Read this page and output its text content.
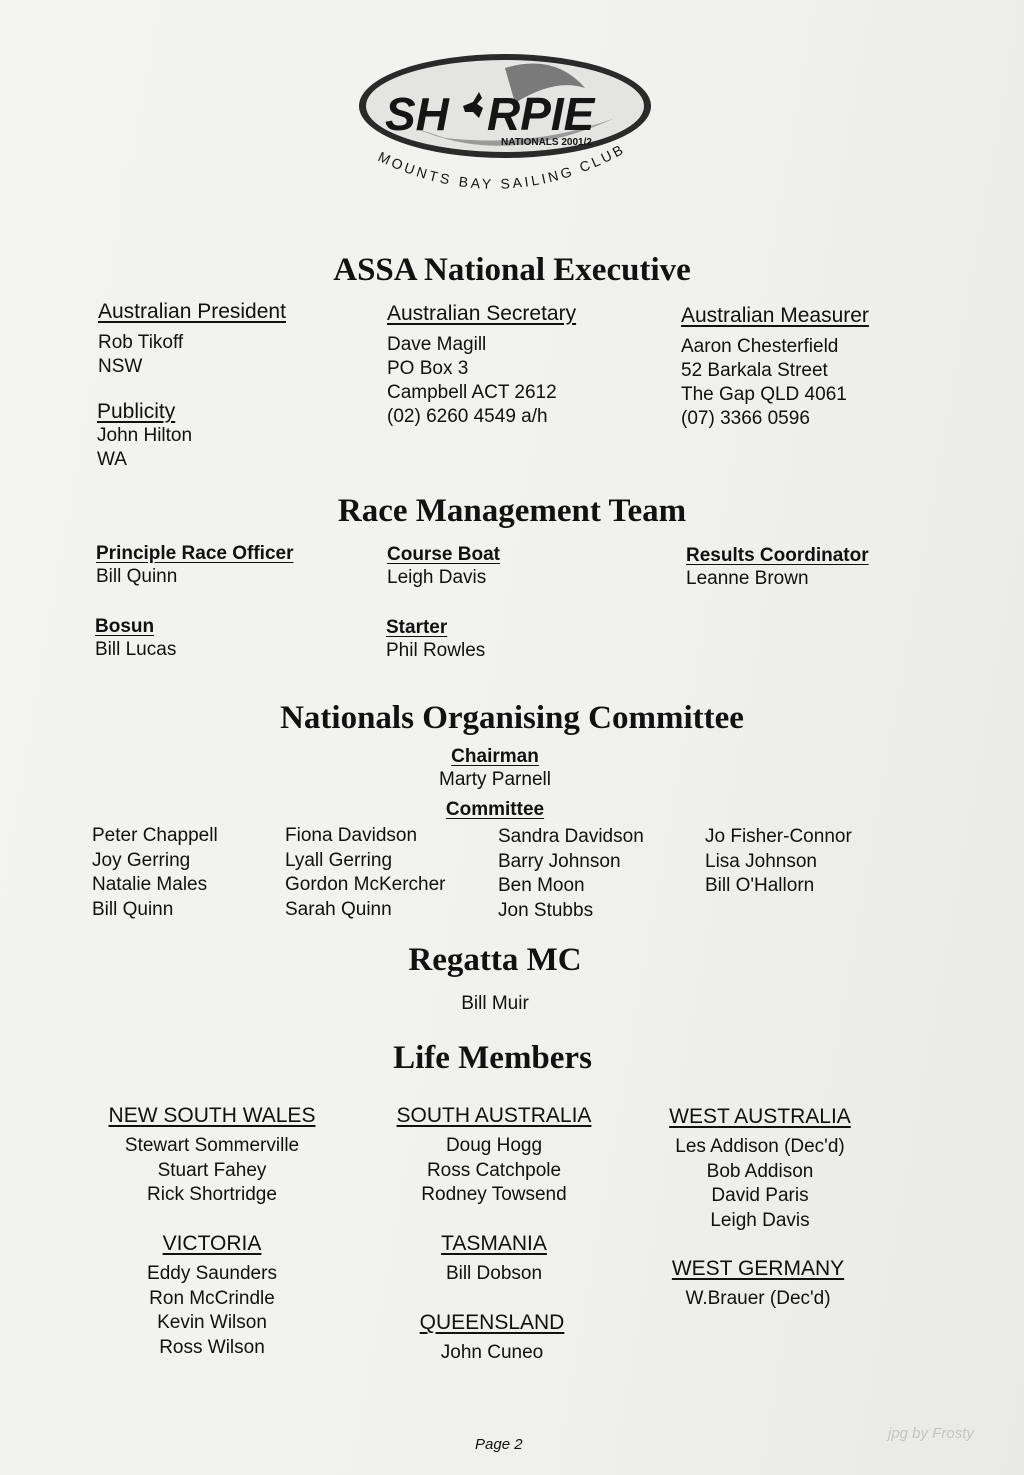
SH RPIE
NATIONALS 2001/2
MOUNTS BAY SAILING CLUB
ASSA National Executive
Australian President
Rob Tikoff
NSW
Publicity
John Hilton
WA
Australian Secretary
Dave Magill
PO Box 3
Campbell ACT 2612
(02) 6260 4549 a/h
Australian Measurer
Aaron Chesterfield
52 Barkala Street
The Gap QLD 4061
(07) 3366 0596
Race Management Team
Principle Race Officer
Bill Quinn
Course Boat
Leigh Davis
Results Coordinator
Leanne Brown
Bosun
Bill Lucas
Starter
Phil Rowles
Nationals Organising Committee
Chairman
Marty Parnell
Committee
Peter Chappell
Joy Gerring
Natalie Males
Bill Quinn
Fiona Davidson
Lyall Gerring
Gordon McKercher
Sarah Quinn
Sandra Davidson
Barry Johnson
Ben Moon
Jon Stubbs
Jo Fisher-Connor
Lisa Johnson
Bill O'Hallorn
Regatta MC
Bill Muir
Life Members
NEW SOUTH WALES
Stewart Sommerville
Stuart Fahey
Rick Shortridge
VICTORIA
Eddy Saunders
Ron McCrindle
Kevin Wilson
Ross Wilson
SOUTH AUSTRALIA
Doug Hogg
Ross Catchpole
Rodney Towsend
TASMANIA
Bill Dobson
QUEENSLAND
John Cuneo
WEST AUSTRALIA
Les Addison (Dec'd)
Bob Addison
David Paris
Leigh Davis
WEST GERMANY
W.Brauer (Dec'd)
Page 2
jpg by Frosty
